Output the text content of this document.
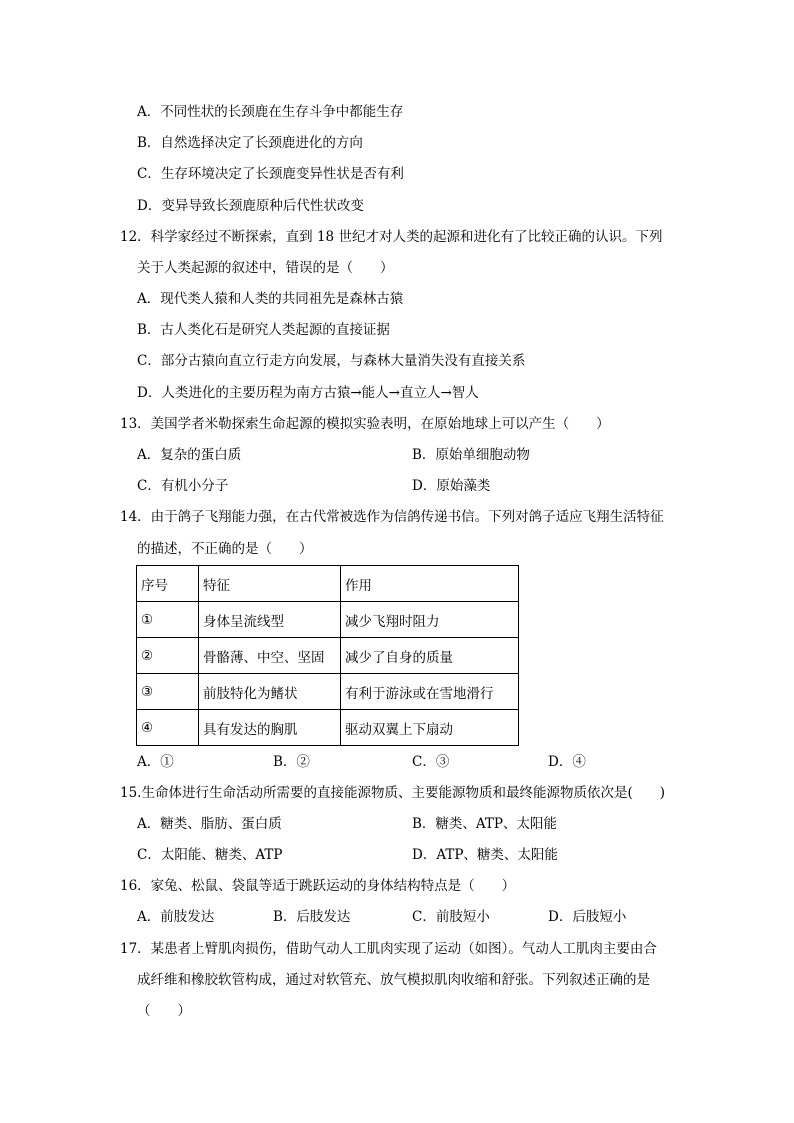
A．不同性状的长颈鹿在生存斗争中都能生存
B．自然选择决定了长颈鹿进化的方向
C．生存环境决定了长颈鹿变异性状是否有利
D．变异导致长颈鹿原种后代性状改变
12．科学家经过不断探索，直到 18 世纪才对人类的起源和进化有了比较正确的认识。下列
关于人类起源的叙述中，错误的是（　　）
A．现代类人猿和人类的共同祖先是森林古猿
B．古人类化石是研究人类起源的直接证据
C．部分古猿向直立行走方向发展，与森林大量消失没有直接关系
D．人类进化的主要历程为南方古猿→能人→直立人→智人
13．美国学者米勒探索生命起源的模拟实验表明，在原始地球上可以产生（　　）
A．复杂的蛋白质	B．原始单细胞动物
C．有机小分子	D．原始藻类
14．由于鸽子飞翔能力强，在古代常被选作为信鸽传递书信。下列对鸽子适应飞翔生活特征
的描述，不正确的是（　　）
序号	特征	作用
①	身体呈流线型	减少飞翔时阻力
②	骨骼薄、中空、坚固	减少了自身的质量
③	前肢特化为鳍状	有利于游泳或在雪地滑行
④	具有发达的胸肌	驱动双翼上下扇动
A．①	B．②	C．③	D．④
15.生命体进行生命活动所需要的直接能源物质、主要能源物质和最终能源物质依次是(　　)
A．糖类、脂肪、蛋白质	B．糖类、ATP、太阳能
C．太阳能、糖类、ATP	D．ATP、糖类、太阳能
16．家兔、松鼠、袋鼠等适于跳跃运动的身体结构特点是（　　）
A．前肢发达	B．后肢发达	C．前肢短小	D．后肢短小
17．某患者上臂肌肉损伤，借助气动人工肌肉实现了运动（如图）。气动人工肌肉主要由合
成纤维和橡胶软管构成，通过对软管充、放气模拟肌肉收缩和舒张。下列叙述正确的是
（　　）
